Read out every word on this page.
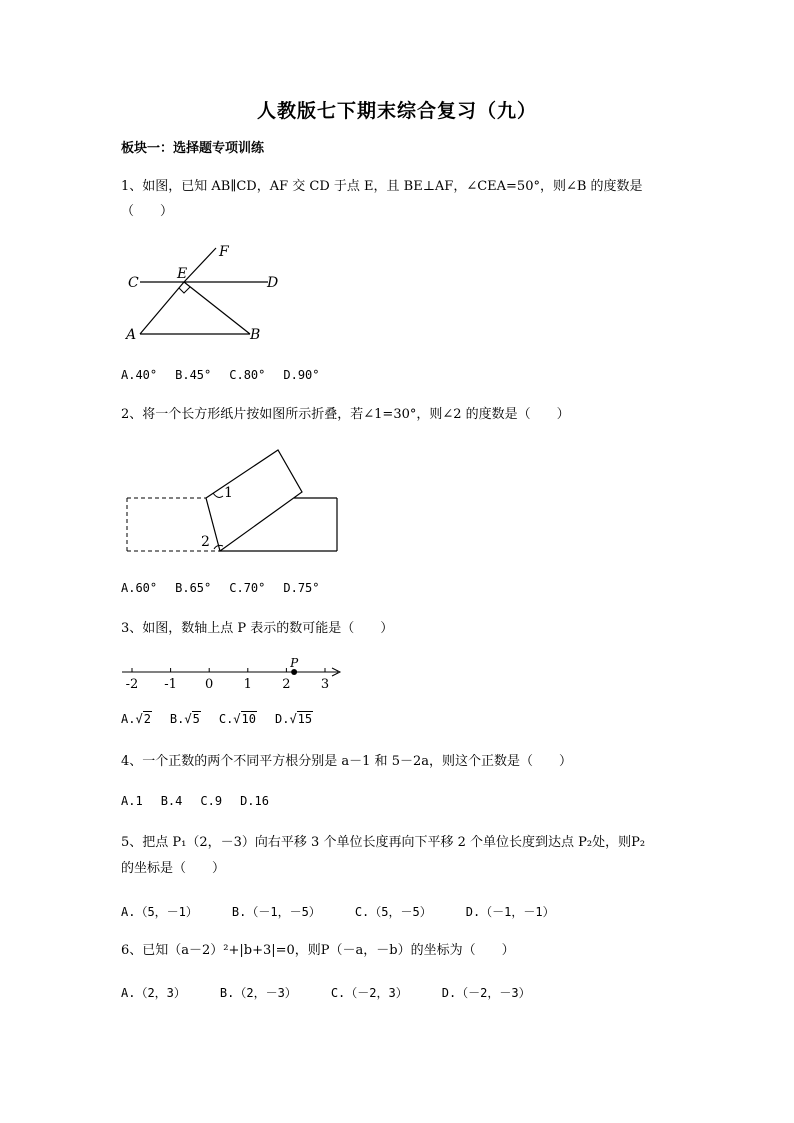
人教版七下期末综合复习（九）
板块一：选择题专项训练
1、如图，已知 AB∥CD，AF 交 CD 于点 E，且 BE⊥AF，∠CEA=50°，则∠B 的度数是
（　　）
C
E
F
D
A	B
A.40° B.45° C.80° D.90°
2、将一个长方形纸片按如图所示折叠，若∠1=30°，则∠2 的度数是（　　）
1
2
A.60° B.65° C.70° D.75°
3、如图，数轴上点 P 表示的数可能是（　　）
-2 -1 0 1 2 3
P
A.√2 B.√5 C.√10 D.√15
4、一个正数的两个不同平方根分别是 a－1 和 5－2a，则这个正数是（　　）
A.1 B.4 C.9 D.16
5、把点 P₁（2，－3）向右平移 3 个单位长度再向下平移 2 个单位长度到达点 P₂处，则P₂
的坐标是（　　）
A.（5，－1）	B.（－1，－5）	C.（5，－5）	D.（－1，－1）
6、已知（a－2）²+|b+3|=0，则P（－a，－b）的坐标为（　　）
A.（2，3）	B.（2，－3）	C.（－2，3）	D.（－2，－3）
